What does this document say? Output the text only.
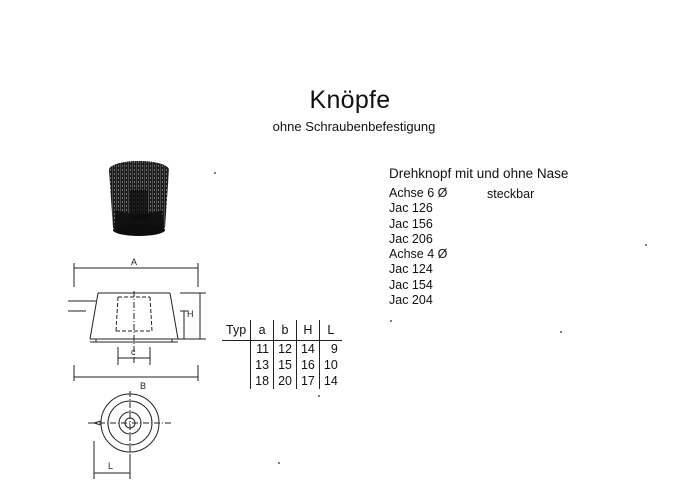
Knöpfe
ohne Schraubenbefestigung
A
H
c
B
L
Typ	a	b	H	L
	11	12	14	9
	13	15	16	10
	18	20	17	14
Drehknopf mit und ohne Nase
Achse 6 Ø
Jac 126
Jac 156
Jac 206
Achse 4 Ø
Jac 124
Jac 154
Jac 204
steckbar
